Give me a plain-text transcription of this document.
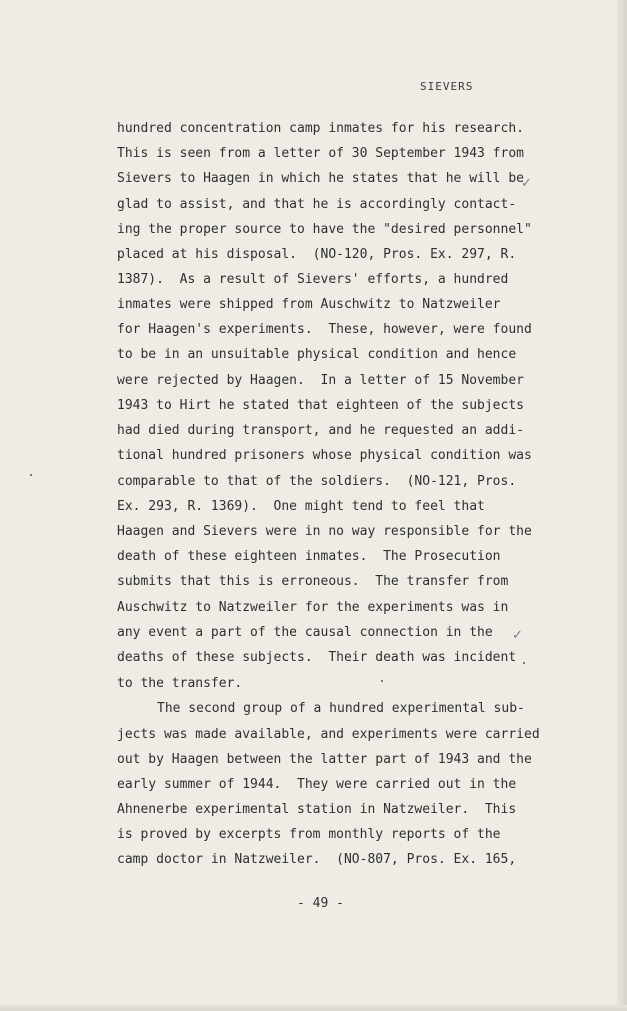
SIEVERS
hundred concentration camp inmates for his research.
This is seen from a letter of 30 September 1943 from
Sievers to Haagen in which he states that he will be
glad to assist, and that he is accordingly contact-
ing the proper source to have the "desired personnel"
placed at his disposal.  (NO-120, Pros. Ex. 297, R.
1387).  As a result of Sievers' efforts, a hundred
inmates were shipped from Auschwitz to Natzweiler
for Haagen's experiments.  These, however, were found
to be in an unsuitable physical condition and hence
were rejected by Haagen.  In a letter of 15 November
1943 to Hirt he stated that eighteen of the subjects
had died during transport, and he requested an addi-
tional hundred prisoners whose physical condition was
comparable to that of the soldiers.  (NO-121, Pros.
Ex. 293, R. 1369).  One might tend to feel that
Haagen and Sievers were in no way responsible for the
death of these eighteen inmates.  The Prosecution
submits that this is erroneous.  The transfer from
Auschwitz to Natzweiler for the experiments was in
any event a part of the causal connection in the
deaths of these subjects.  Their death was incident
to the transfer.
The second group of a hundred experimental sub-
jects was made available, and experiments were carried
out by Haagen between the latter part of 1943 and the
early summer of 1944.  They were carried out in the
Ahnenerbe experimental station in Natzweiler.  This
is proved by excerpts from monthly reports of the
camp doctor in Natzweiler.  (NO-807, Pros. Ex. 165,
✓
✓
- 49 -
